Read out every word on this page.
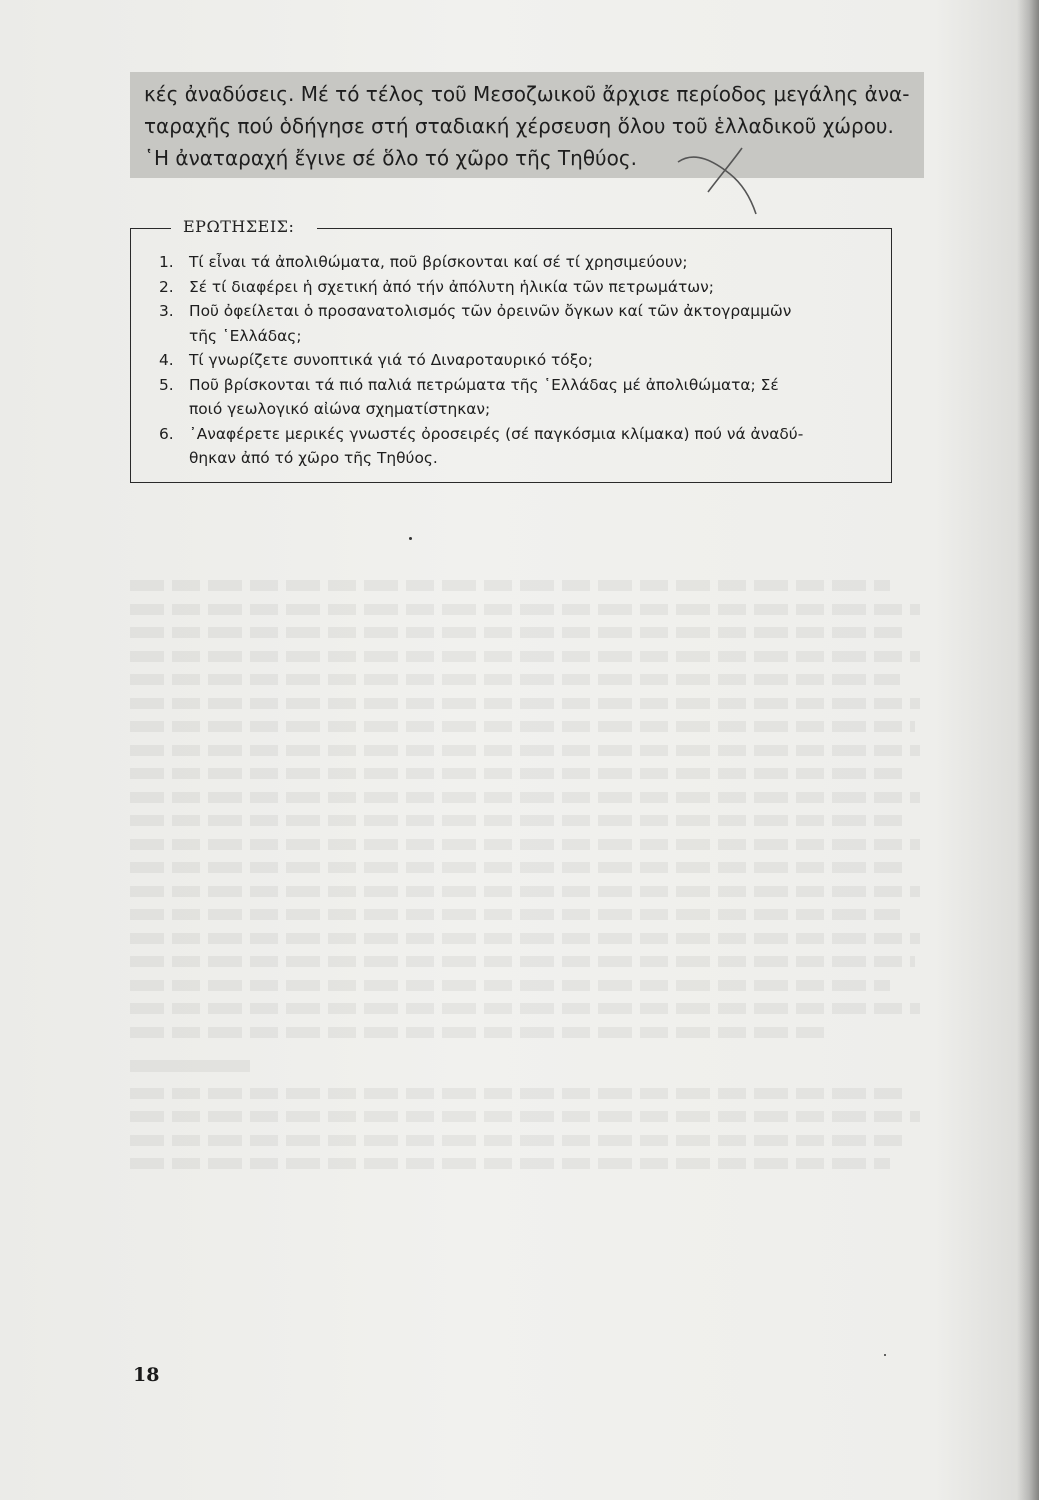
κές ἀναδύσεις. Μέ τό τέλος τοῦ Μεσοζωικοῦ ἄρχισε περίοδος μεγάλης ἀνα-
ταραχῆς πού ὁδήγησε στή σταδιακή χέρσευση ὅλου τοῦ ἑλλαδικοῦ χώρου.
῾Η ἀναταραχή ἔγινε σέ ὅλο τό χῶρο τῆς Τηθύος.
ΕΡΩΤΗΣΕΙΣ:
1. Τί εἶναι τά ἀπολιθώματα, ποῦ βρίσκονται καί σέ τί χρησιμεύουν;
2. Σέ τί διαφέρει ἡ σχετική ἀπό τήν ἀπόλυτη ἡλικία τῶν πετρωμάτων;
3. Ποῦ ὀφείλεται ὁ προσανατολισμός τῶν ὀρεινῶν ὄγκων καί τῶν ἀκτογραμμῶν
τῆς ῾Ελλάδας;
4. Τί γνωρίζετε συνοπτικά γιά τό Διναροταυρικό τόξο;
5. Ποῦ βρίσκονται τά πιό παλιά πετρώματα τῆς ῾Ελλάδας μέ ἀπολιθώματα; Σέ
ποιό γεωλογικό αἰώνα σχηματίστηκαν;
6. ᾿Αναφέρετε μερικές γνωστές ὀροσειρές (σέ παγκόσμια κλίμακα) πού νά ἀναδύ-
θηκαν ἀπό τό χῶρο τῆς Τηθύος.
18
